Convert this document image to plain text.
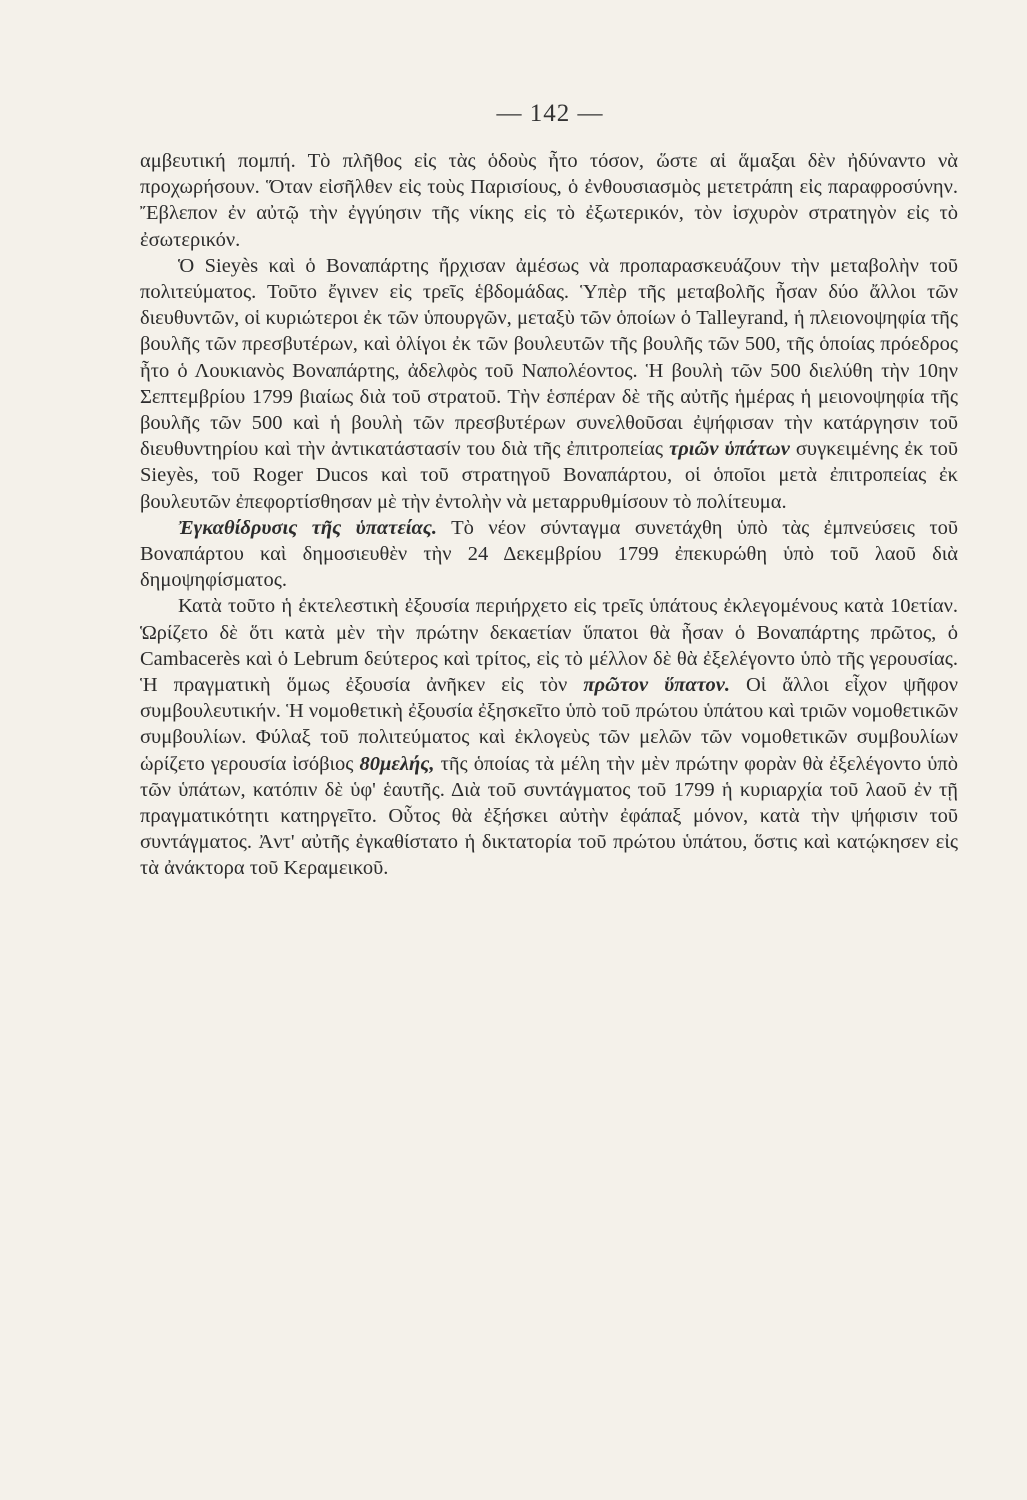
— 142 —

αμβευτική πομπή. Τὸ πλῆθος εἰς τὰς ὁδοὺς ἦτο τόσον, ὥστε αἱ ἅμαξαι δὲν ἠδύναντο νὰ προχωρήσουν. Ὅταν εἰσῆλθεν εἰς τοὺς Παρισίους, ὁ ἐνθουσιασμὸς μετετράπη εἰς παραφροσύνην. Ἔβλεπον ἐν αὐτῷ τὴν ἐγγύησιν τῆς νίκης εἰς τὸ ἐξωτερικόν, τὸν ἰσχυρὸν στρατηγὸν εἰς τὸ ἐσωτερικόν.

Ὁ Sieyès καὶ ὁ Βοναπάρτης ἤρχισαν ἀμέσως νὰ προπαρασκευάζουν τὴν μεταβολὴν τοῦ πολιτεύματος. Τοῦτο ἔγινεν εἰς τρεῖς ἑβδομάδας. Ὑπὲρ τῆς μεταβολῆς ἦσαν δύο ἄλλοι τῶν διευθυντῶν, οἱ κυριώτεροι ἐκ τῶν ὑπουργῶν, μεταξὺ τῶν ὁποίων ὁ Talleyrand, ἡ πλειονοψηφία τῆς βουλῆς τῶν πρεσβυτέρων, καὶ ὀλίγοι ἐκ τῶν βουλευτῶν τῆς βουλῆς τῶν 500, τῆς ὁποίας πρόεδρος ἦτο ὁ Λουκιανὸς Βοναπάρτης, ἀδελφὸς τοῦ Ναπολέοντος. Ἡ βουλὴ τῶν 500 διελύθη τὴν 10ην Σεπτεμβρίου 1799 βιαίως διὰ τοῦ στρατοῦ. Τὴν ἑσπέραν δὲ τῆς αὐτῆς ἡμέρας ἡ μειονοψηφία τῆς βουλῆς τῶν 500 καὶ ἡ βουλὴ τῶν πρεσβυτέρων συνελθοῦσαι ἐψήφισαν τὴν κατάργησιν τοῦ διευθυντηρίου καὶ τὴν ἀντικατάστασίν του διὰ τῆς ἐπιτροπείας τριῶν ὑπάτων συγκειμένης ἐκ τοῦ Sieyès, τοῦ Roger Ducos καὶ τοῦ στρατηγοῦ Βοναπάρτου, οἱ ὁποῖοι μετὰ ἐπιτροπείας ἐκ βουλευτῶν ἐπεφορτίσθησαν μὲ τὴν ἐντολὴν νὰ μεταρρυθμίσουν τὸ πολίτευμα.

Ἐγκαθίδρυσις τῆς ὑπατείας. Τὸ νέον σύνταγμα συνετάχθη ὑπὸ τὰς ἐμπνεύσεις τοῦ Βοναπάρτου καὶ δημοσιευθὲν τὴν 24 Δεκεμβρίου 1799 ἐπεκυρώθη ὑπὸ τοῦ λαοῦ διὰ δημοψηφίσματος.

Κατὰ τοῦτο ἡ ἐκτελεστικὴ ἐξουσία περιήρχετο εἰς τρεῖς ὑπάτους ἐκλεγομένους κατὰ 10ετίαν. Ὡρίζετο δὲ ὅτι κατὰ μὲν τὴν πρώτην δεκαετίαν ὕπατοι θὰ ἦσαν ὁ Βοναπάρτης πρῶτος, ὁ Cambacerès καὶ ὁ Lebrum δεύτερος καὶ τρίτος, εἰς τὸ μέλλον δὲ θὰ ἐξελέγοντο ὑπὸ τῆς γερουσίας. Ἡ πραγματικὴ ὅμως ἐξουσία ἀνῆκεν εἰς τὸν πρῶτον ὕπατον. Οἱ ἄλλοι εἶχον ψῆφον συμβουλευτικήν. Ἡ νομοθετικὴ ἐξουσία ἐξησκεῖτο ὑπὸ τοῦ πρώτου ὑπάτου καὶ τριῶν νομοθετικῶν συμβουλίων. Φύλαξ τοῦ πολιτεύματος καὶ ἐκλογεὺς τῶν μελῶν τῶν νομοθετικῶν συμβουλίων ὡρίζετο γερουσία ἰσόβιος 80μελής, τῆς ὁποίας τὰ μέλη τὴν μὲν πρώτην φορὰν θὰ ἐξελέγοντο ὑπὸ τῶν ὑπάτων, κατόπιν δὲ ὑφ' ἑαυτῆς. Διὰ τοῦ συντάγματος τοῦ 1799 ἡ κυριαρχία τοῦ λαοῦ ἐν τῇ πραγματικότητι κατηργεῖτο. Οὗτος θὰ ἐξήσκει αὐτὴν ἐφάπαξ μόνον, κατὰ τὴν ψήφισιν τοῦ συντάγματος. Ἀντ' αὐτῆς ἐγκαθίστατο ἡ δικτατορία τοῦ πρώτου ὑπάτου, ὅστις καὶ κατῴκησεν εἰς τὰ ἀνάκτορα τοῦ Κεραμεικοῦ.
